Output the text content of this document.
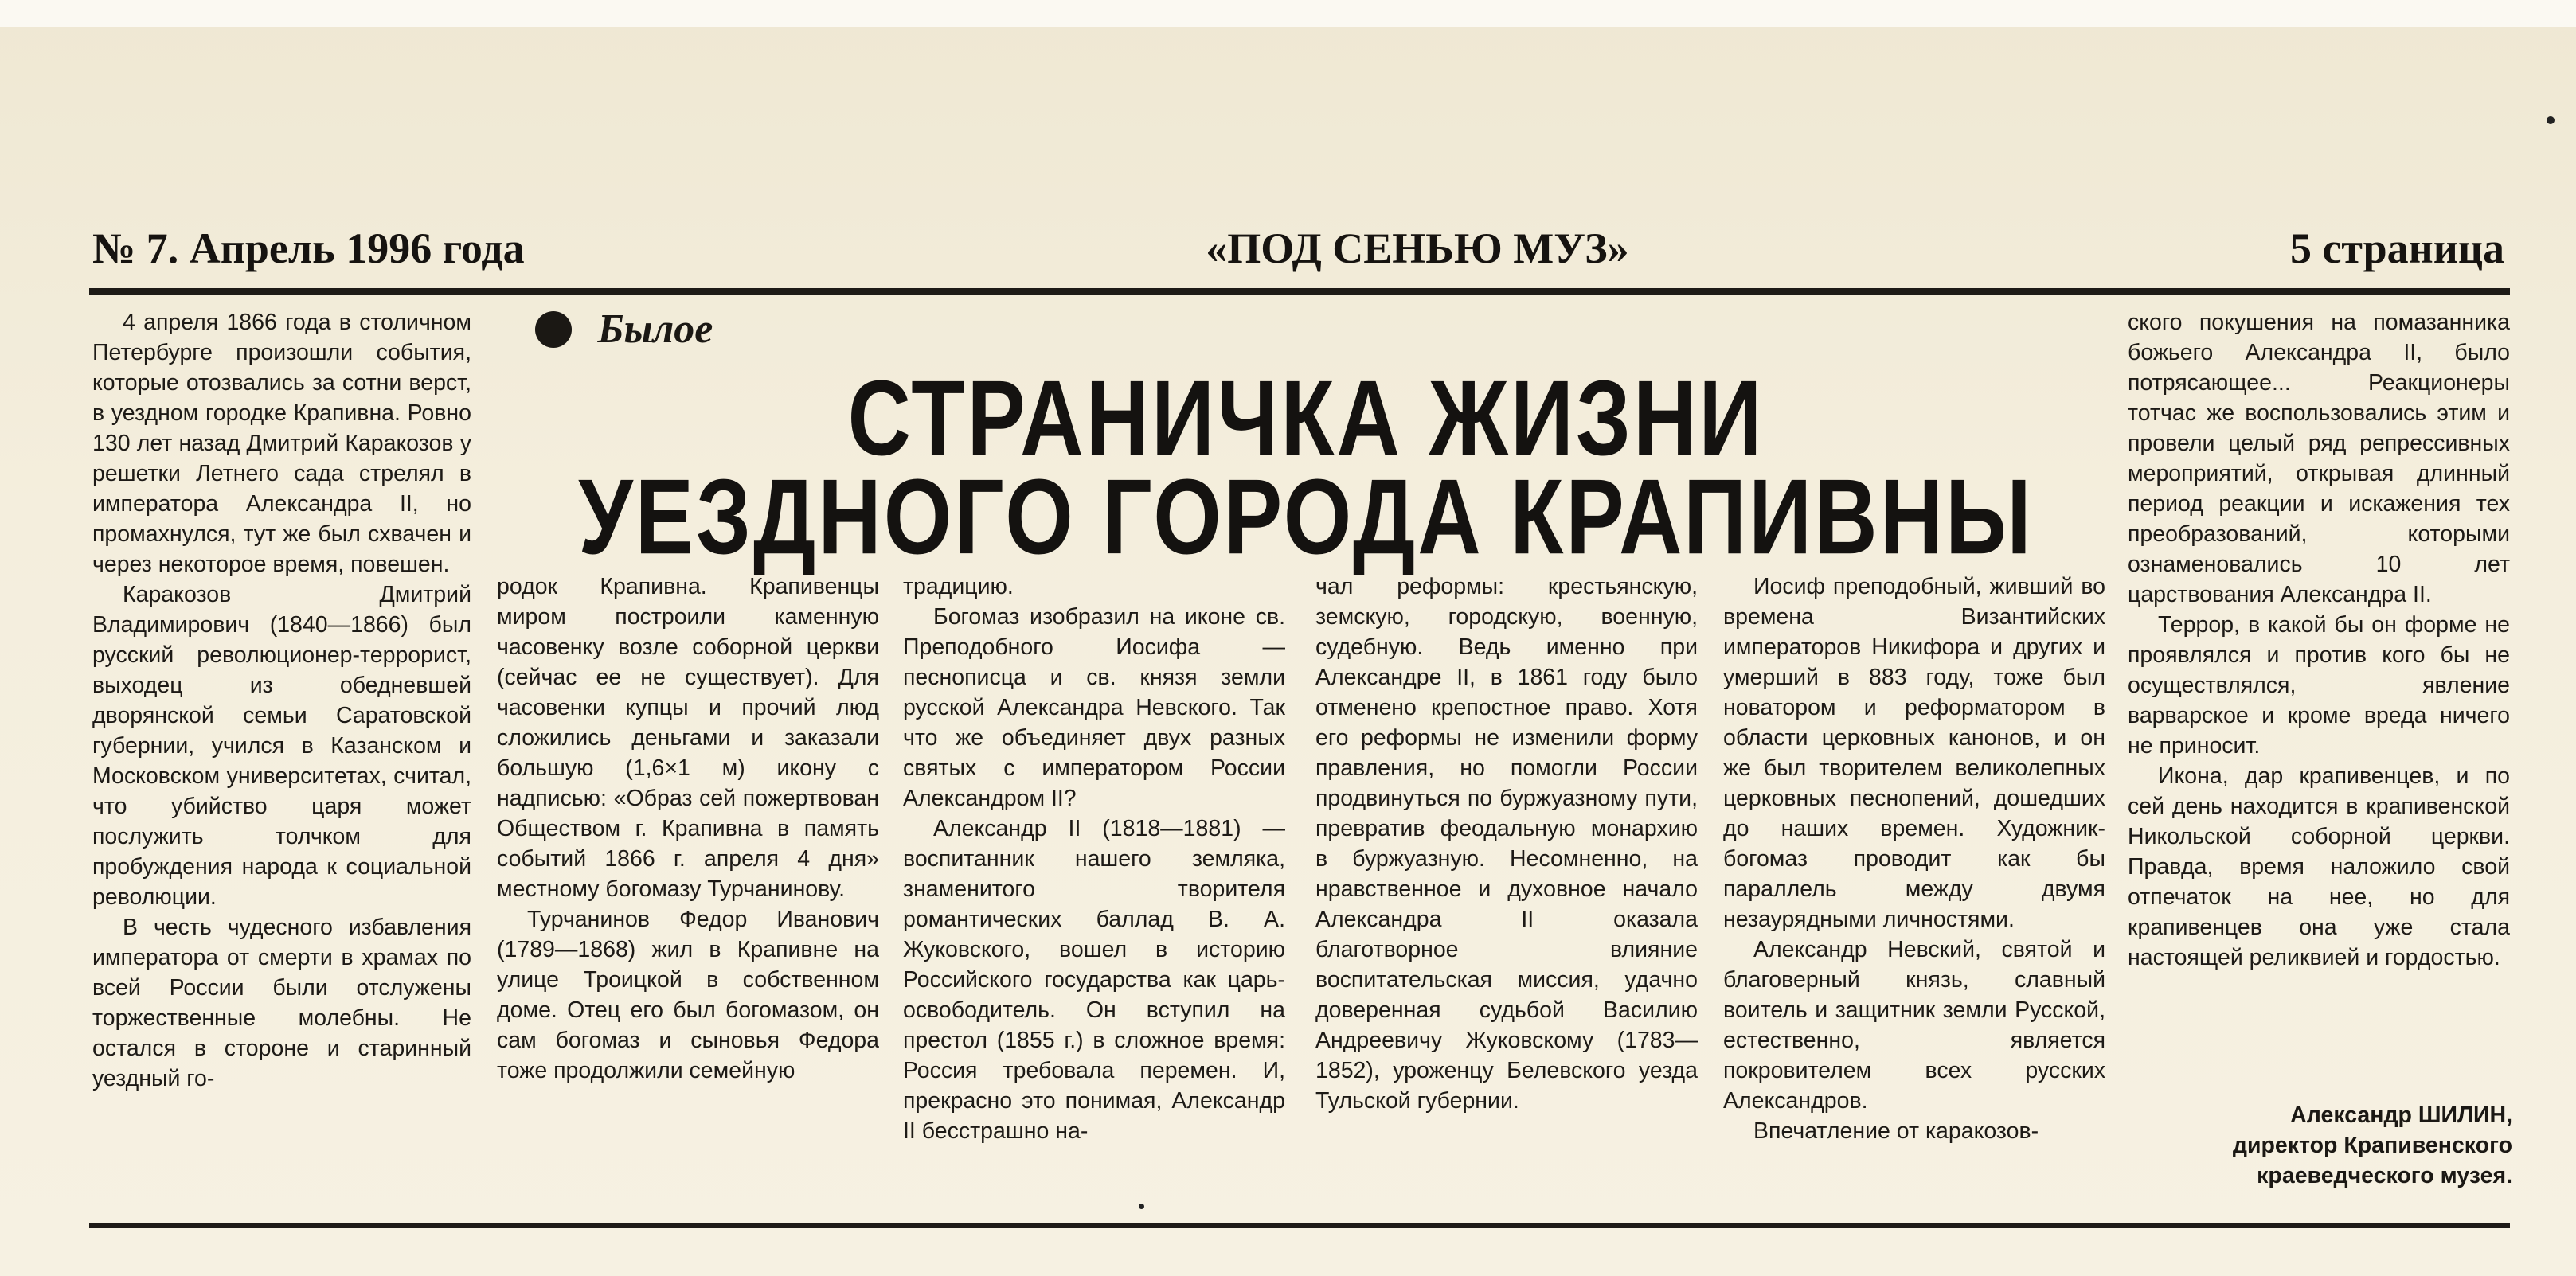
№ 7. Апрель 1996 года	«ПОД СЕНЬЮ МУЗ»	5 страница
Былое
СТРАНИЧКА ЖИЗНИ
УЕЗДНОГО ГОРОДА КРАПИВНЫ

4 апреля 1866 года в столичном Петербурге произошли события, которые отозвались за сотни верст, в уездном городке Крапивна. Ровно 130 лет назад Дмитрий Каракозов у решетки Летнего сада стрелял в императора Александра II, но промахнулся, тут же был схвачен и через некоторое время, повешен.

Каракозов Дмитрий Владимирович (1840—1866) был русский революционер-террорист, выходец из обедневшей дворянской семьи Саратовской губернии, учился в Казанском и Московском университетах, считал, что убийство царя может послужить толчком для пробуждения народа к социальной революции.

В честь чудесного избавления императора от смерти в храмах по всей России были отслужены торжественные молебны. Не остался в стороне и старинный уездный го-

родок Крапивна. Крапивенцы миром построили каменную часовенку возле соборной церкви (сейчас ее не существует). Для часовенки купцы и прочий люд сложились деньгами и заказали большую (1,6×1 м) икону с надписью: «Образ сей пожертвован Обществом г. Крапивна в память событий 1866 г. апреля 4 дня» местному богомазу Турчанинову.

Турчанинов Федор Иванович (1789—1868) жил в Крапивне на улице Троицкой в собственном доме. Отец его был богомазом, он сам богомаз и сыновья Федора тоже продолжили семейную

традицию.

Богомаз изобразил на иконе св. Преподобного Иосифа — песнописца и св. князя земли русской Александра Невского. Так что же объединяет двух разных святых с императором России Александром II?

Александр II (1818—1881) — воспитанник нашего земляка, знаменитого творителя романтических баллад В. А. Жуковского, вошел в историю Российского государства как царь-освободитель. Он вступил на престол (1855 г.) в сложное время: Россия требовала перемен. И, прекрасно это понимая, Александр II бесстрашно на-

чал реформы: крестьянскую, земскую, городскую, военную, судебную. Ведь именно при Александре II, в 1861 году было отменено крепостное право. Хотя его реформы не изменили форму правления, но помогли России продвинуться по буржуазному пути, превратив феодальную монархию в буржуазную. Несомненно, на нравственное и духовное начало Александра II оказала благотворное влияние воспитательская миссия, удачно доверенная судьбой Василию Андреевичу Жуковскому (1783—1852), уроженцу Белевского уезда Тульской губернии.

Иосиф преподобный, живший во времена Византийских императоров Никифора и других и умерший в 883 году, тоже был новатором и реформатором в области церковных канонов, и он же был творителем великолепных церковных песнопений, дошедших до наших времен. Художник-богомаз проводит как бы параллель между двумя незаурядными личностями.

Александр Невский, святой и благоверный князь, славный воитель и защитник земли Русской, естественно, является покровителем всех русских Александров.

Впечатление от каракозов-

ского покушения на помазанника божьего Александра II, было потрясающее... Реакционеры тотчас же воспользовались этим и провели целый ряд репрессивных мероприятий, открывая длинный период реакции и искажения тех преобразований, которыми ознаменовались 10 лет царствования Александра II.

Террор, в какой бы он форме не проявлялся и против кого бы не осуществлялся, явление варварское и кроме вреда ничего не приносит.

Икона, дар крапивенцев, и по сей день находится в крапивенской Никольской соборной церкви. Правда, время наложило свой отпечаток на нее, но для крапивенцев она уже стала настоящей реликвией и гордостью.

Александр ШИЛИН,
директор Крапивенского краеведческого музея.
